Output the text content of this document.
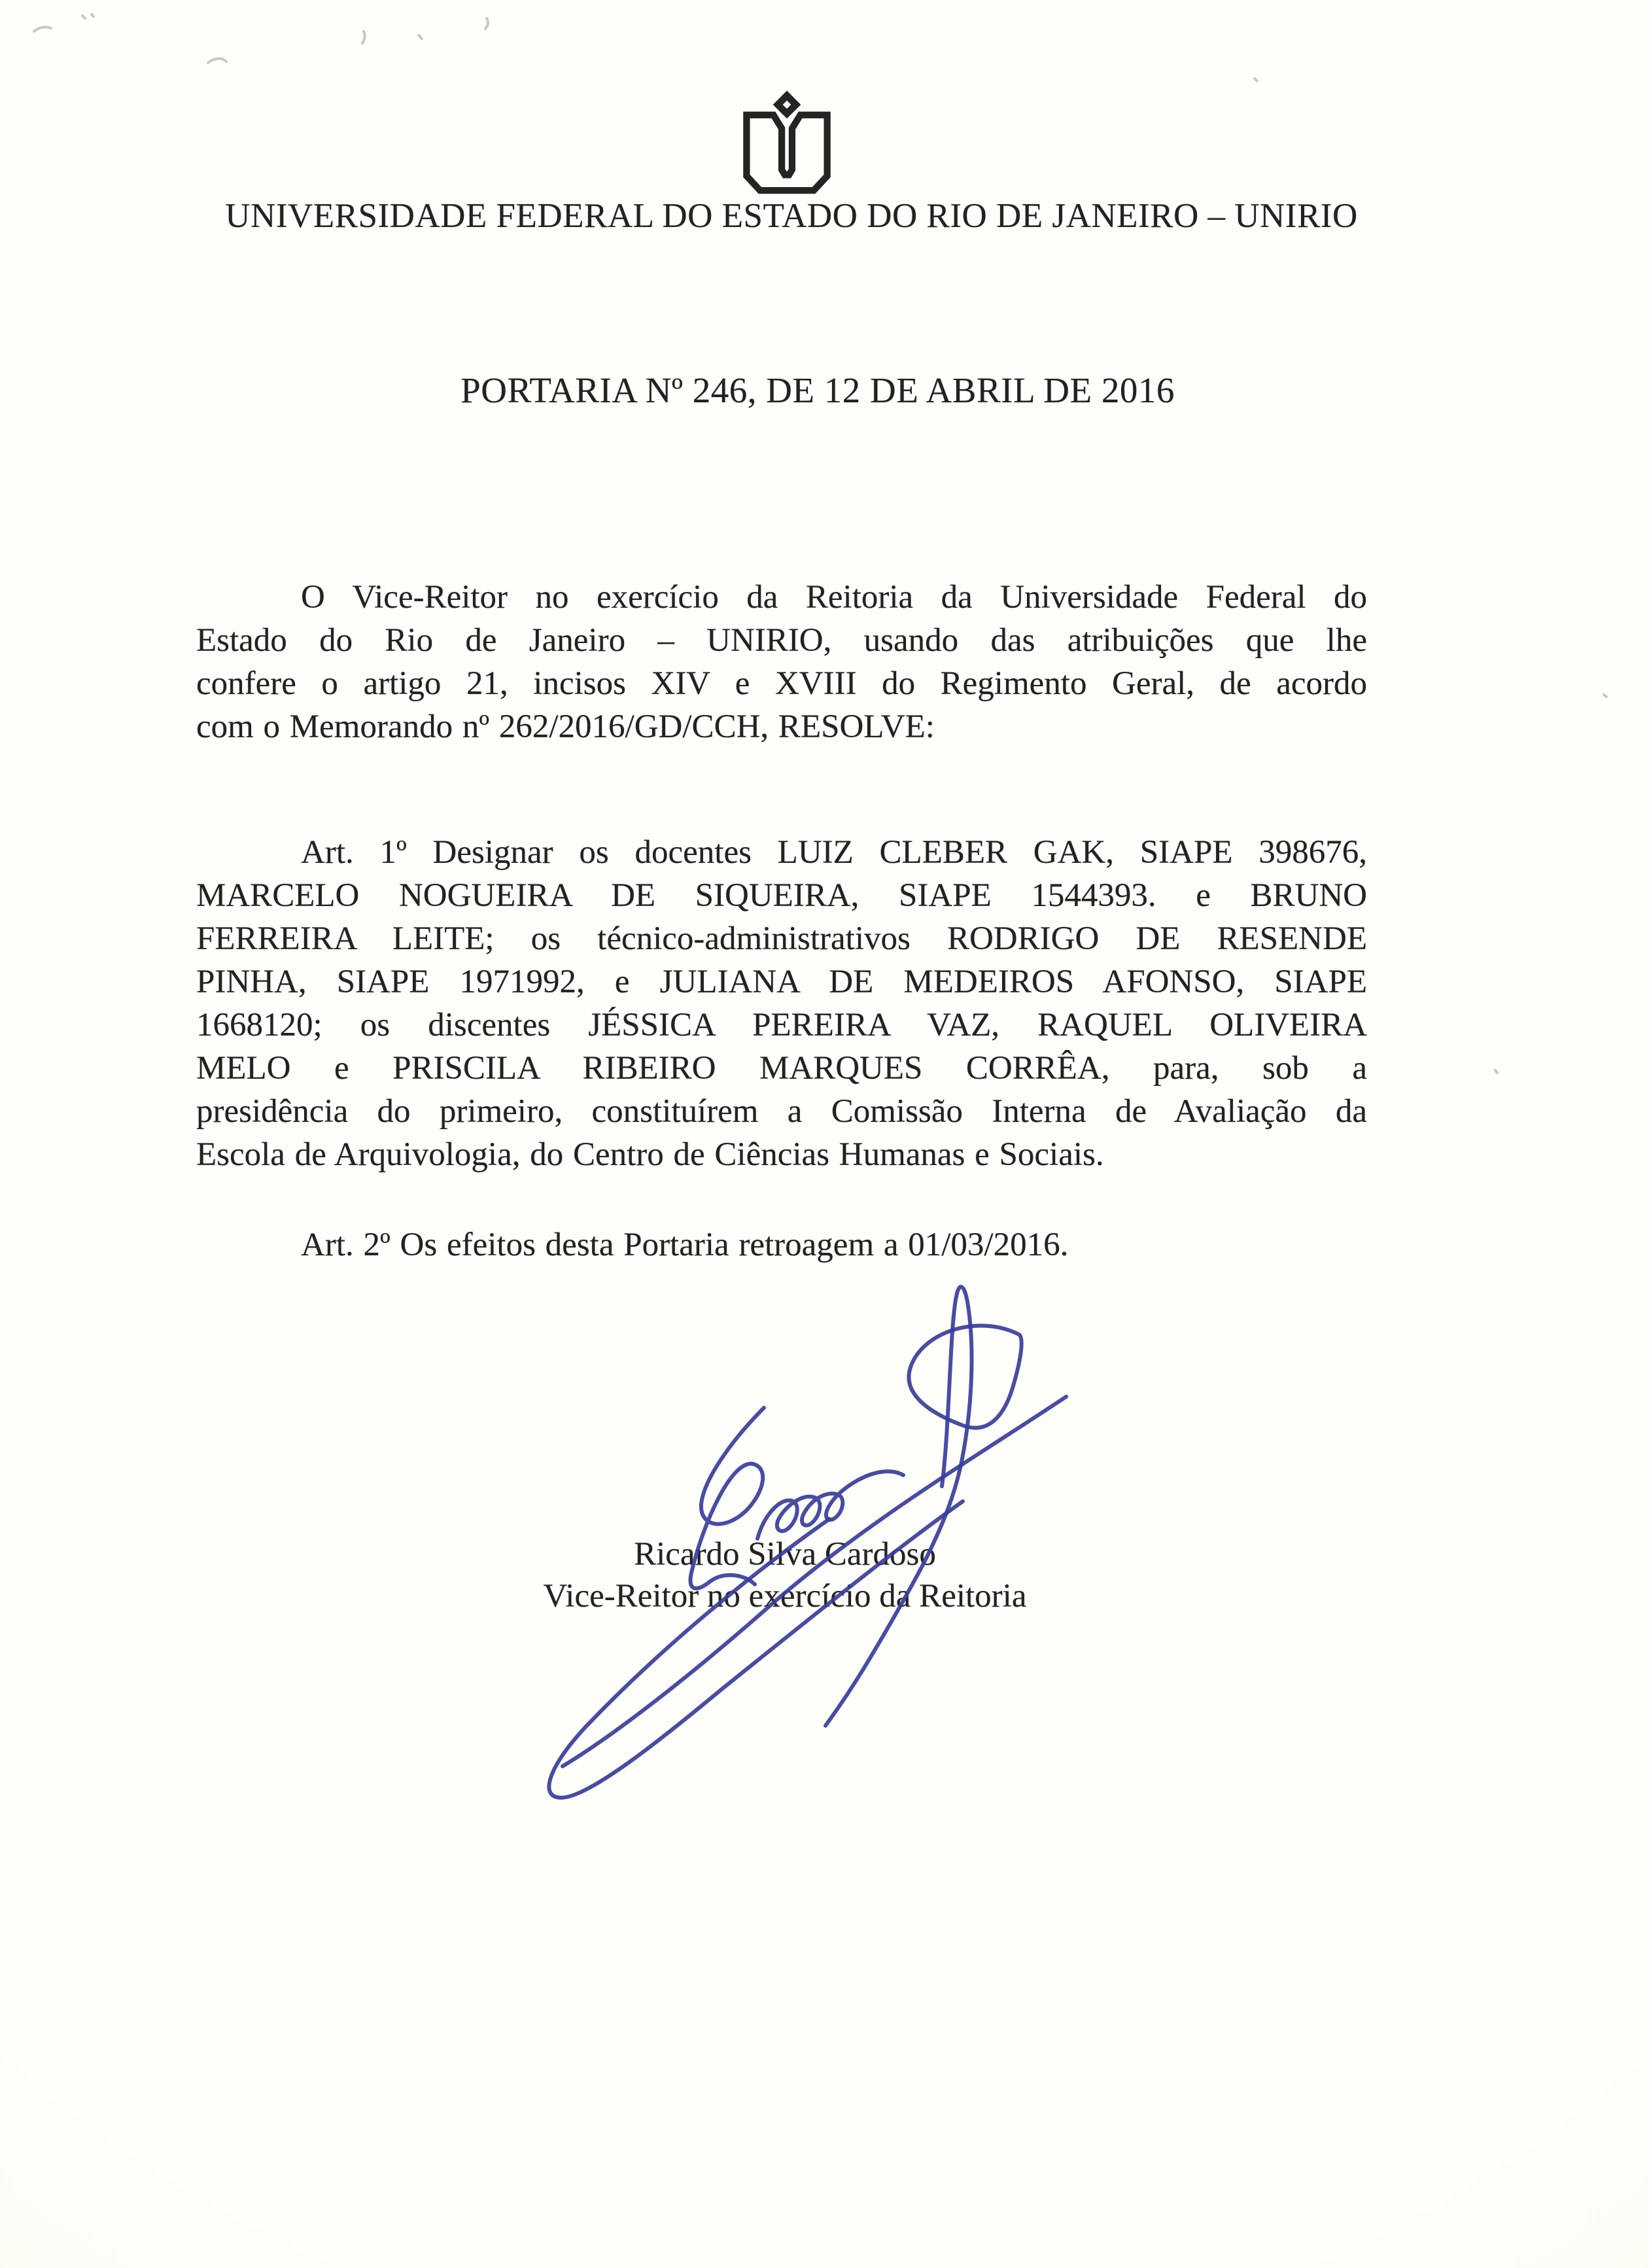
UNIVERSIDADE FEDERAL DO ESTADO DO RIO DE JANEIRO – UNIRIO
PORTARIA Nº 246, DE 12 DE ABRIL DE 2016
O Vice-Reitor no exercício da Reitoria da Universidade Federal do
Estado do Rio de Janeiro – UNIRIO, usando das atribuições que lhe
confere o artigo 21, incisos XIV e XVIII do Regimento Geral, de acordo
com o Memorando nº 262/2016/GD/CCH, RESOLVE:
Art. 1º Designar os docentes LUIZ CLEBER GAK, SIAPE 398676,
MARCELO NOGUEIRA DE SIQUEIRA, SIAPE 1544393. e BRUNO
FERREIRA LEITE; os técnico-administrativos RODRIGO DE RESENDE
PINHA, SIAPE 1971992, e JULIANA DE MEDEIROS AFONSO, SIAPE
1668120; os discentes JÉSSICA PEREIRA VAZ, RAQUEL OLIVEIRA
MELO e PRISCILA RIBEIRO MARQUES CORRÊA, para, sob a
presidência do primeiro, constituírem a Comissão Interna de Avaliação da
Escola de Arquivologia, do Centro de Ciências Humanas e Sociais.
Art. 2º Os efeitos desta Portaria retroagem a 01/03/2016.
Ricardo Silva Cardoso
Vice-Reitor no exercício da Reitoria
